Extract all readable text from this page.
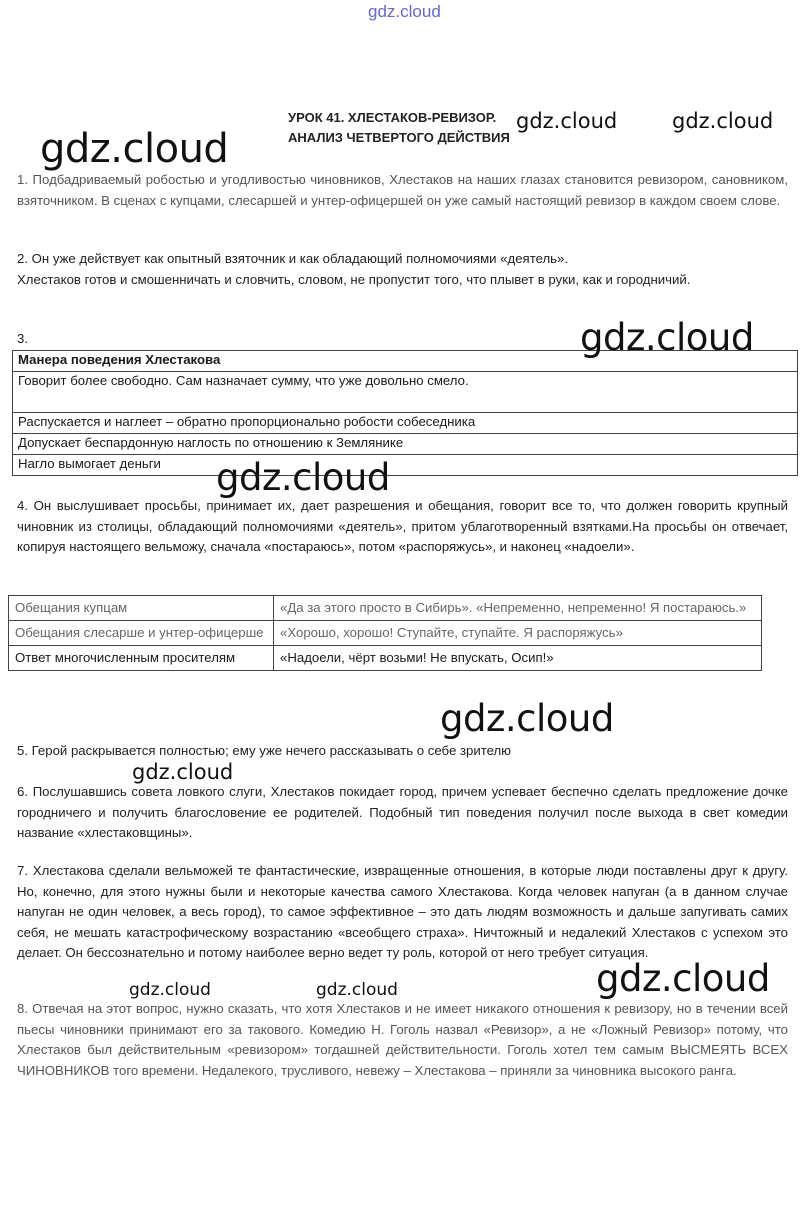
gdz.cloud
УРОК 41. ХЛЕСТАКОВ-РЕВИЗОР.
АНАЛИЗ ЧЕТВЕРТОГО ДЕЙСТВИЯ
1. Подбадриваемый робостью и угодливостью чиновников, Хлестаков на наших глазах становится ревизором, сановником, взяточником. В сценах с купцами, слесаршей и унтер-офицершей он уже самый настоящий ревизор в каждом своем слове.
2. Он уже действует как опытный взяточник и как обладающий полномочиями «деятель».
Хлестаков готов и смошенничать и словчить, словом, не пропустит того, что плывет в руки, как и городничий.
3.
Манера поведения Хлестакова
Говорит более свободно. Сам назначает сумму, что уже довольно смело.
Распускается и наглеет – обратно пропорционально робости собеседника
Допускает беспардонную наглость по отношению к Землянике
Нагло вымогает деньги
4. Он выслушивает просьбы, принимает их, дает разрешения и обещания, говорит все то, что должен говорить крупный чиновник из столицы, обладающий полномочиями «деятель», притом ублаготворенный взятками.На просьбы он отвечает, копируя настоящего вельможу, сначала «постараюсь», потом «распоряжусь», и наконец «надоели».
Обещания купцам	«Да за этого просто в Сибирь». «Непременно, непременно! Я постараюсь.»
Обещания слесарше и унтер-офицерше	«Хорошо, хорошо! Ступайте, ступайте. Я распоряжусь»
Ответ многочисленным просителям	«Надоели, чёрт возьми! Не впускать, Осип!»
5. Герой раскрывается полностью; ему уже нечего рассказывать о себе зрителю
6. Послушавшись совета ловкого слуги, Хлестаков покидает город, причем успевает беспечно сделать предложение дочке городничего и получить благословение ее родителей. Подобный тип поведения получил после выхода в свет комедии название «хлестаковщины».
7. Хлестакова сделали вельможей те фантастические, извращенные отношения, в которые люди поставлены друг к другу. Но, конечно, для этого нужны были и некоторые качества самого Хлестакова. Когда человек напуган (а в данном случае напуган не один человек, а весь город), то самое эффективное – это дать людям возможность и дальше запугивать самих себя, не мешать катастрофическому возрастанию «всеобщего страха». Ничтожный и недалекий Хлестаков с успехом это делает. Он бессознательно и потому наиболее верно ведет ту роль, которой от него требует ситуация.
8. Отвечая на этот вопрос, нужно сказать, что хотя Хлестаков и не имеет никакого отношения к ревизору, но в течении всей пьесы чиновники принимают его за такового. Комедию Н. Гоголь назвал «Ревизор», а не «Ложный Ревизор» потому, что Хлестаков был действительным «ревизором» тогдашней действительности. Гоголь хотел тем самым ВЫСМЕЯТЬ ВСЕХ ЧИНОВНИКОВ того времени. Недалекого, трусливого, невежу – Хлестакова – приняли за чиновника высокого ранга.
gdz.cloud	gdz.cloud
gdz.cloud
gdz.cloud
gdz.cloud
gdz.cloud
gdz.cloud
gdz.cloud
gdz.cloud	gdz.cloud
